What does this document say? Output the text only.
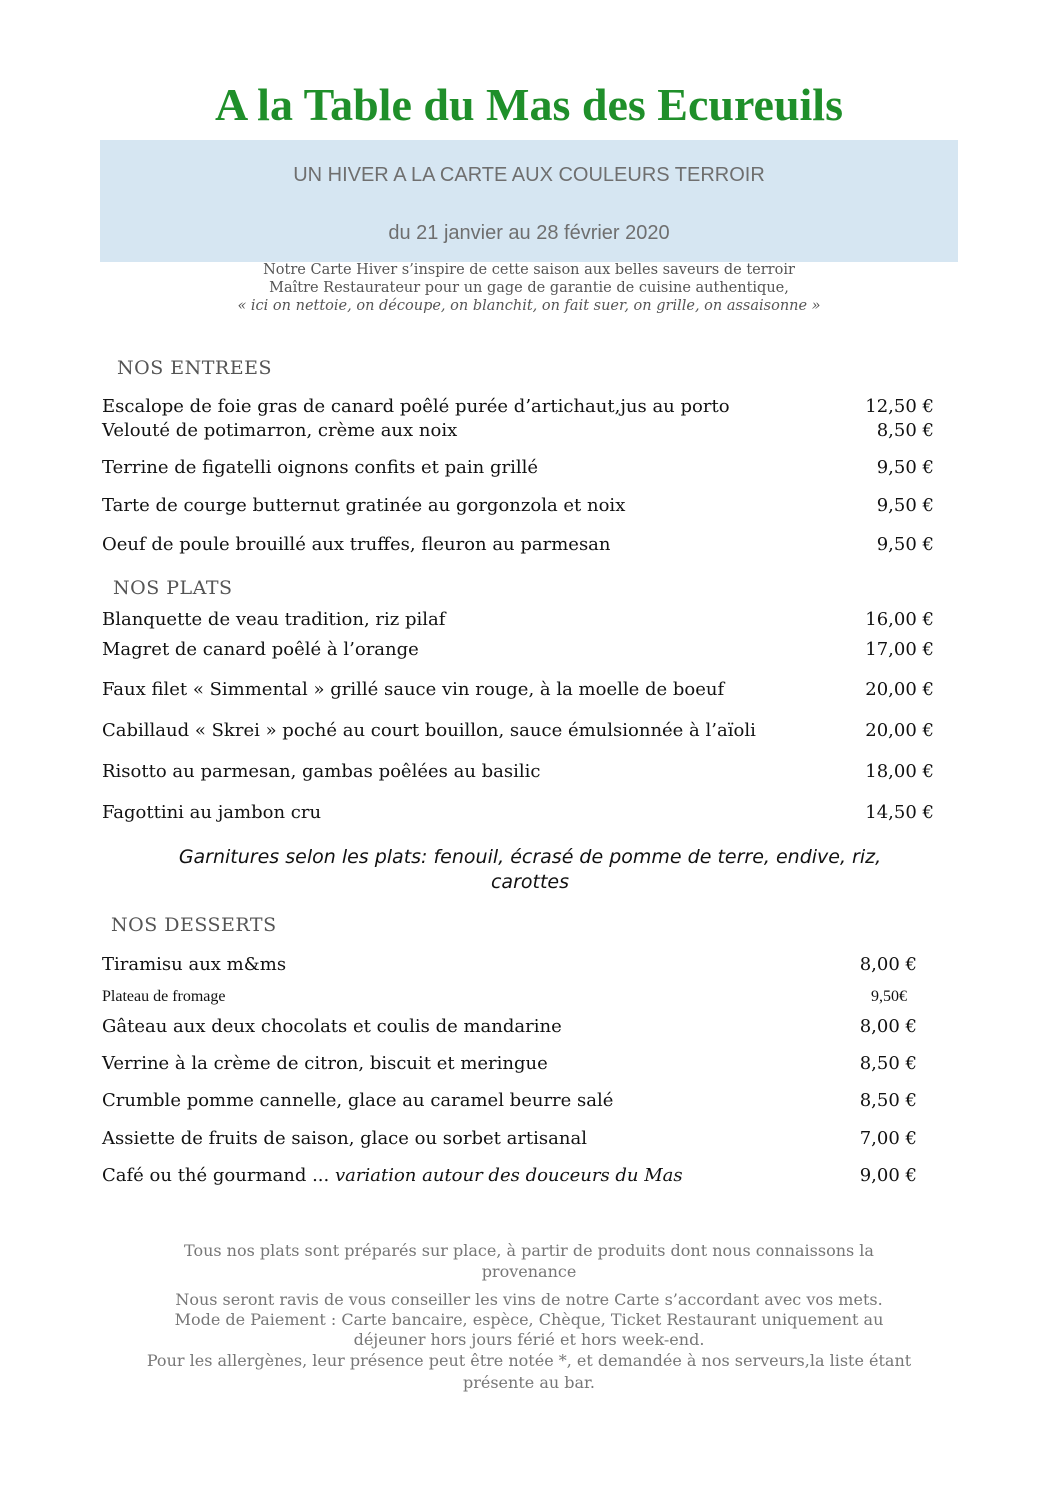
A la Table du Mas des Ecureuils
UN HIVER A LA CARTE AUX COULEURS TERROIR
du 21 janvier au 28 février 2020
Notre Carte Hiver s’inspire de cette saison aux belles saveurs de terroir
Maître Restaurateur pour un gage de garantie de cuisine authentique,
« ici on nettoie, on découpe, on blanchit, on fait suer, on grille, on assaisonne »
NOS ENTREES
Escalope de foie gras de canard poêlé purée d’artichaut,jus au porto	12,50 €
Velouté de potimarron, crème aux noix	8,50 €
Terrine de figatelli oignons confits et pain grillé	9,50 €
Tarte de courge butternut gratinée au gorgonzola et noix	9,50 €
Oeuf de poule brouillé aux truffes, fleuron au parmesan	9,50 €
NOS PLATS
Blanquette de veau tradition, riz pilaf	16,00 €
Magret de canard poêlé à l’orange	17,00 €
Faux filet « Simmental » grillé sauce vin rouge, à la moelle de boeuf	20,00 €
Cabillaud « Skrei » poché au court bouillon, sauce émulsionnée à l’aïoli	20,00 €
Risotto au parmesan, gambas poêlées au basilic	18,00 €
Fagottini au jambon cru	14,50 €
Garnitures selon les plats: fenouil, écrasé de pomme de terre, endive, riz,
carottes
NOS DESSERTS
Tiramisu aux m&ms	8,00 €
Plateau de fromage	9,50€
Gâteau aux deux chocolats et coulis de mandarine	8,00 €
Verrine à la crème de citron, biscuit et meringue	8,50 €
Crumble pomme cannelle, glace au caramel beurre salé	8,50 €
Assiette de fruits de saison, glace ou sorbet artisanal	7,00 €
Café ou thé gourmand ... variation autour des douceurs du Mas	9,00 €
Tous nos plats sont préparés sur place, à partir de produits dont nous connaissons la
provenance
Nous seront ravis de vous conseiller les vins de notre Carte s’accordant avec vos mets.
Mode de Paiement : Carte bancaire, espèce, Chèque, Ticket Restaurant uniquement au
déjeuner hors jours férié et hors week-end.
Pour les allergènes, leur présence peut être notée *, et demandée à nos serveurs,la liste étant
présente au bar.
